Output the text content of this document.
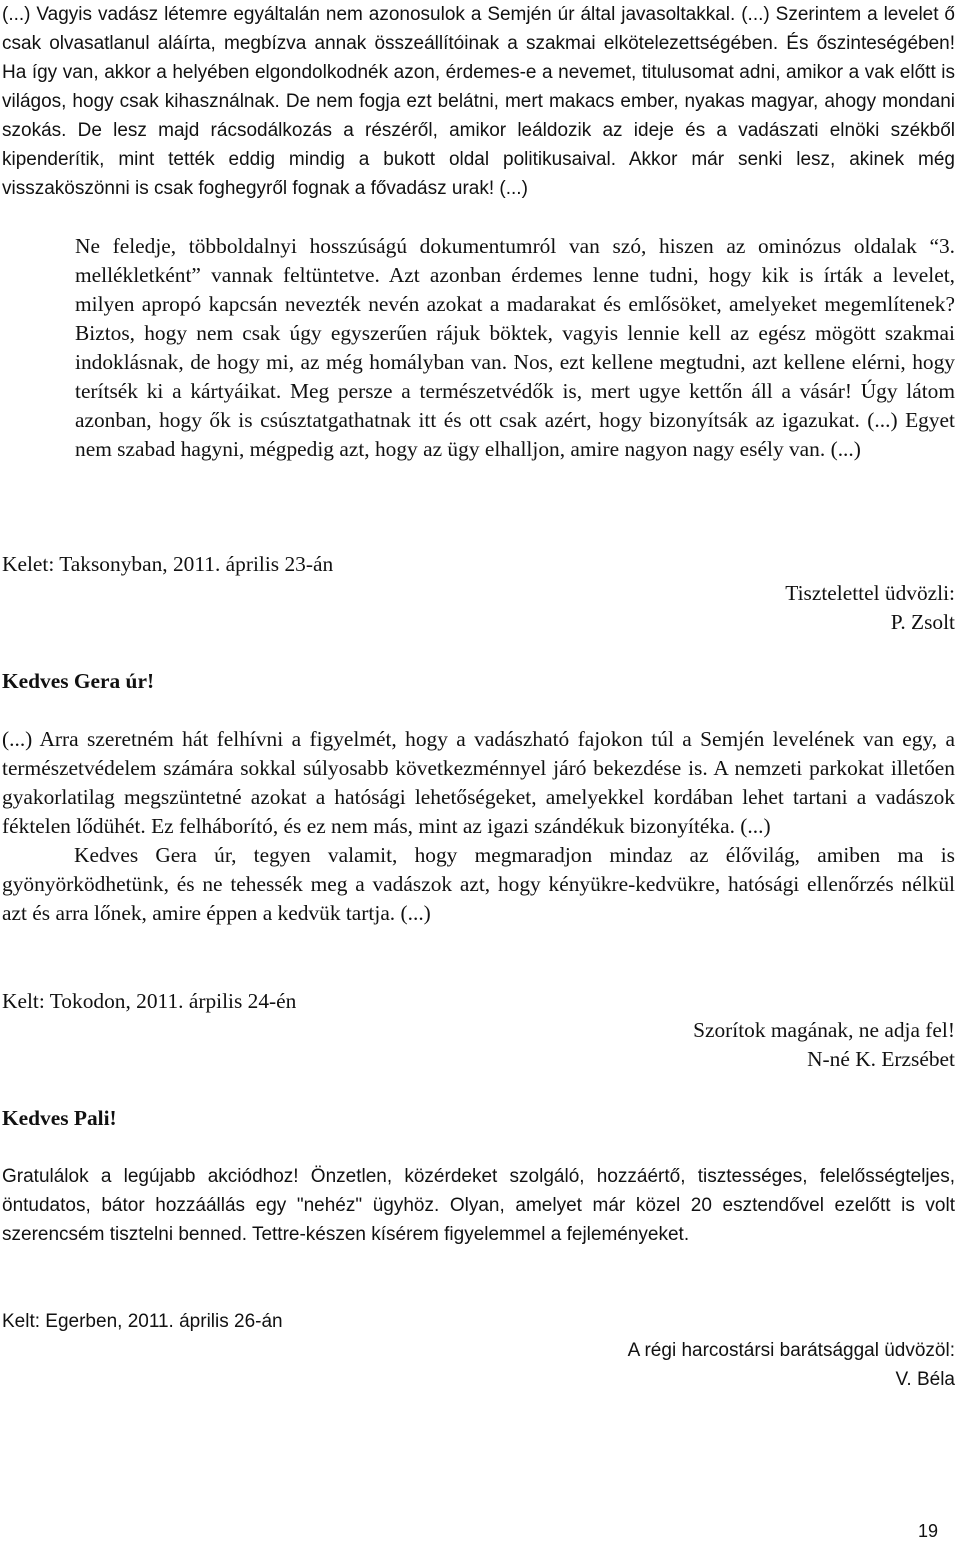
(...) Vagyis vadász létemre egyáltalán nem azonosulok a Semjén úr által javasoltakkal. (...) Szerintem a levelet ő csak olvasatlanul aláírta, megbízva annak összeállítóinak a szakmai elkötelezettségében. És őszinteségében! Ha így van, akkor a helyében elgondolkodnék azon, érdemes-e a nevemet, titulusomat adni, amikor a vak előtt is világos, hogy csak kihasználnak. De nem fogja ezt belátni, mert makacs ember, nyakas magyar, ahogy mondani szokás. De lesz majd rácsodálkozás a részéről, amikor leáldozik az ideje és a vadászati elnöki székből kipenderítik, mint tették eddig mindig a bukott oldal politikusaival. Akkor már senki lesz, akinek még visszaköszönni is csak foghegyről fognak a fővadász urak! (...)

Ne feledje, többoldalnyi hosszúságú dokumentumról van szó, hiszen az ominózus oldalak “3. mellékletként” vannak feltüntetve. Azt azonban érdemes lenne tudni, hogy kik is írták a levelet, milyen apropó kapcsán nevezték nevén azokat a madarakat és emlősöket, amelyeket megemlítenek? Biztos, hogy nem csak úgy egyszerűen rájuk böktek, vagyis lennie kell az egész mögött szakmai indoklásnak, de hogy mi, az még homályban van. Nos, ezt kellene megtudni, azt kellene elérni, hogy terítsék ki a kártyáikat. Meg persze a természetvédők is, mert ugye kettőn áll a vásár! Úgy látom azonban, hogy ők is csúsztatgathatnak itt és ott csak azért, hogy bizonyítsák az igazukat. (...) Egyet nem szabad hagyni, mégpedig azt, hogy az ügy elhalljon, amire nagyon nagy esély van. (...)

Kelet: Taksonyban, 2011. április 23-án

Tisztelettel üdvözli:

P. Zsolt

Kedves Gera úr!

(...) Arra szeretném hát felhívni a figyelmét, hogy a vadászható fajokon túl a Semjén levelének van egy, a természetvédelem számára sokkal súlyosabb következménnyel járó bekezdése is. A nemzeti parkokat illetően gyakorlatilag megszüntetné azokat a hatósági lehetőségeket, amelyekkel kordában lehet tartani a vadászok féktelen lődühét. Ez felháborító, és ez nem más, mint az igazi szándékuk bizonyítéka. (...)

Kedves Gera úr, tegyen valamit, hogy megmaradjon mindaz az élővilág, amiben ma is gyönyörködhetünk, és ne tehessék meg a vadászok azt, hogy kényükre-kedvükre, hatósági ellenőrzés nélkül azt és arra lőnek, amire éppen a kedvük tartja. (...)

Kelt: Tokodon, 2011. árpilis 24-én

Szorítok magának, ne adja fel!

N-né K. Erzsébet

Kedves Pali!

Gratulálok a legújabb akciódhoz! Önzetlen, közérdeket szolgáló, hozzáértő, tisztességes, felelősségteljes, öntudatos, bátor hozzáállás egy "nehéz" ügyhöz. Olyan, amelyet már közel 20 esztendővel ezelőtt is volt szerencsém tisztelni benned. Tettre-készen kísérem figyelemmel a fejleményeket.

Kelt: Egerben, 2011. április 26-án

A régi harcostársi barátsággal üdvözöl:

V. Béla

19
